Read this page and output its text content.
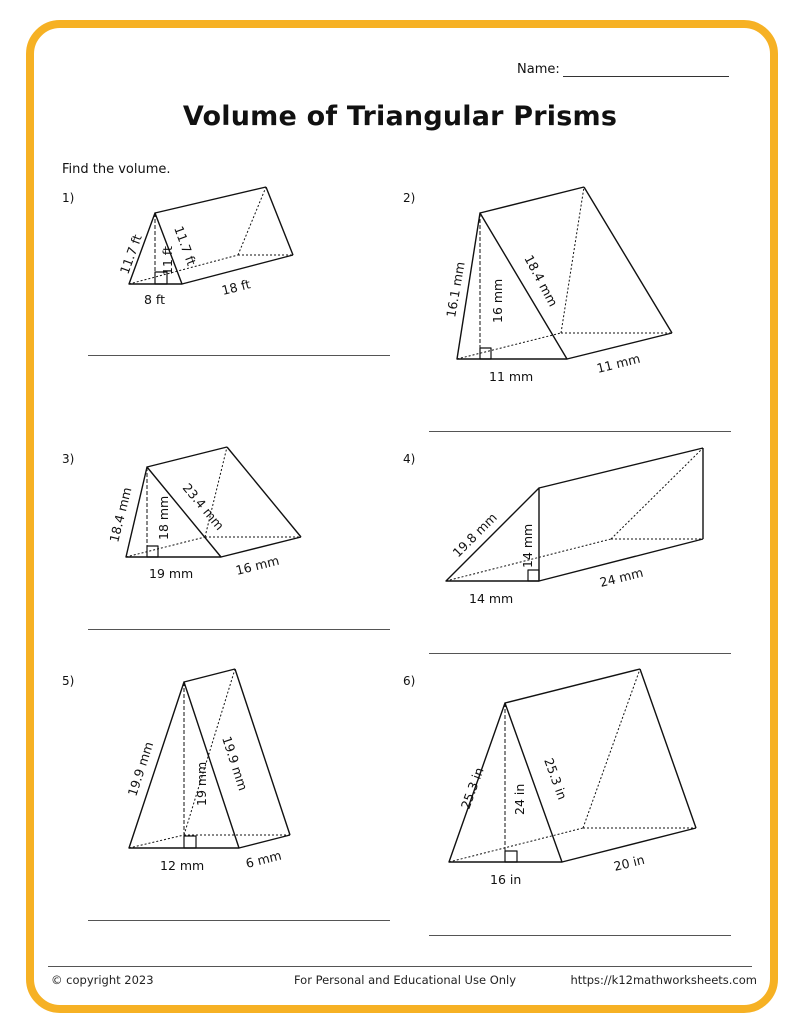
Name:
Volume of Triangular Prisms
Find the volume.
1)	2)
3)	4)
5)	6)
11.7 ft 11.7 ft
11 ft
8 ft
18 ft	16.1 mm	18.4 mm
16 mm
11 mm
11 mm
18.4 mm	23.4 mm
18 mm
19 mm	16 mm
19.8 mm 14 mm
14 mm
24 mm
19.9 mm	19.9 mm
19 mm
12 mm	6 mm
25.3 in	25.3 in
24 in
16 in
20 in
© copyright 2023	For Personal and Educational Use Only	https://k12mathworksheets.com
